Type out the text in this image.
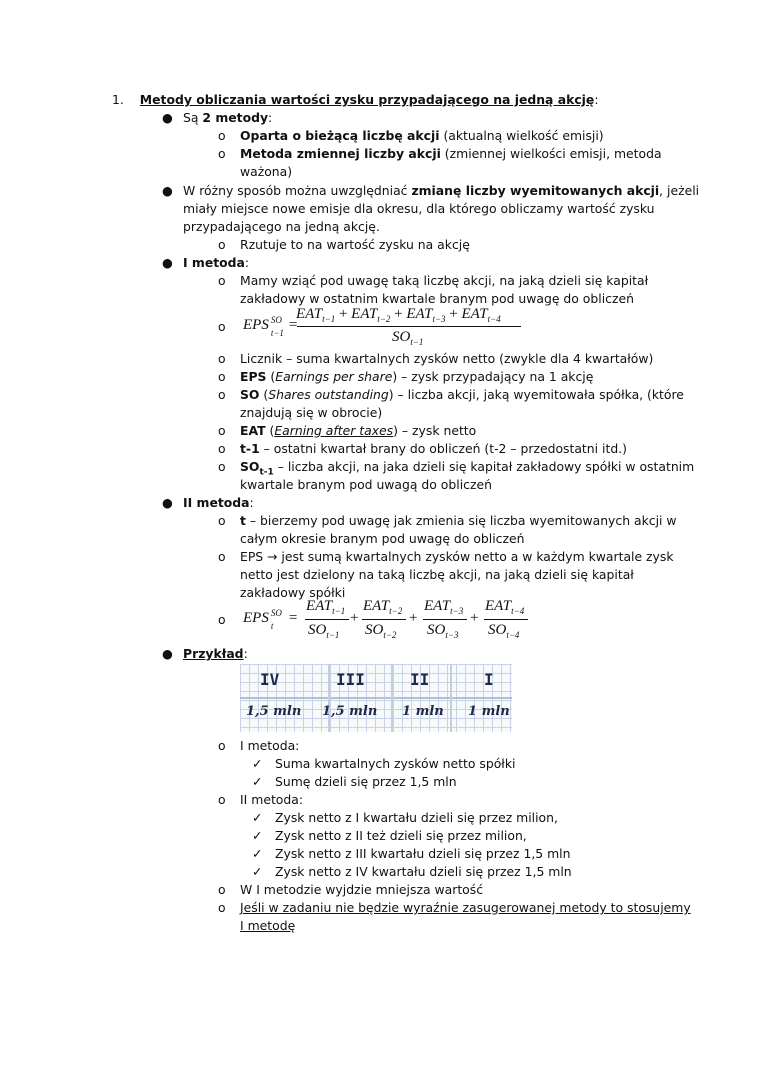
1. Metody obliczania wartości zysku przypadającego na jedną akcję:
● Są 2 metody:
o Oparta o bieżącą liczbę akcji (aktualną wielkość emisji)
o Metoda zmiennej liczby akcji (zmiennej wielkości emisji, metoda
ważona)
● W różny sposób można uwzględniać zmianę liczby wyemitowanych akcji, jeżeli
miały miejsce nowe emisje dla okresu, dla którego obliczamy wartość zysku
przypadającego na jedną akcję.
o Rzutuje to na wartość zysku na akcję
● I metoda:
o Mamy wziąć pod uwagę taką liczbę akcji, na jaką dzieli się kapitał
zakładowy w ostatnim kwartale branym pod uwagę do obliczeń
o EPS SO
t−1 =
$EAT_{t-1} + EAT_{t-2} + EAT_{t-3} + EAT_{t-4}$
$SO_{t-1}$
o Licznik – suma kwartalnych zysków netto (zwykle dla 4 kwartałów)
o EPS (Earnings per share) – zysk przypadający na 1 akcję
o SO (Shares outstanding) – liczba akcji, jaką wyemitowała spółka, (które
znajdują się w obrocie)
o EAT (Earning after taxes) – zysk netto
o t-1 – ostatni kwartał brany do obliczeń (t-2 – przedostatni itd.)
o $SO_{t-1}$ – liczba akcji, na jaka dzieli się kapitał zakładowy spółki w ostatnim
kwartale branym pod uwagą do obliczeń
● II metoda:
o t – bierzemy pod uwagę jak zmienia się liczba wyemitowanych akcji w
całym okresie branym pod uwagę do obliczeń
o EPS → jest sumą kwartalnych zysków netto a w każdym kwartale zysk
netto jest dzielony na taką liczbę akcji, na jaką dzieli się kapitał
zakładowy spółki
o EPS SO
t =
$EAT_{t-1}$
$SO_{t-1}$
+
$EAT_{t-2}$
$SO_{t-2}$
+
$EAT_{t-3}$
$SO_{t-3}$
+
$EAT_{t-4}$
$SO_{t-4}$
● Przykład:
IV	III	II	I
1,5 mln 1,5 mln 1 mln 1 mln
o I metoda:
✓ Suma kwartalnych zysków netto spółki
✓ Sumę dzieli się przez 1,5 mln
o II metoda:
✓ Zysk netto z I kwartału dzieli się przez milion,
✓ Zysk netto z II też dzieli się przez milion,
✓ Zysk netto z III kwartału dzieli się przez 1,5 mln
✓ Zysk netto z IV kwartału dzieli się przez 1,5 mln
o W I metodzie wyjdzie mniejsza wartość
o Jeśli w zadaniu nie będzie wyraźnie zasugerowanej metody to stosujemy
I metodę
